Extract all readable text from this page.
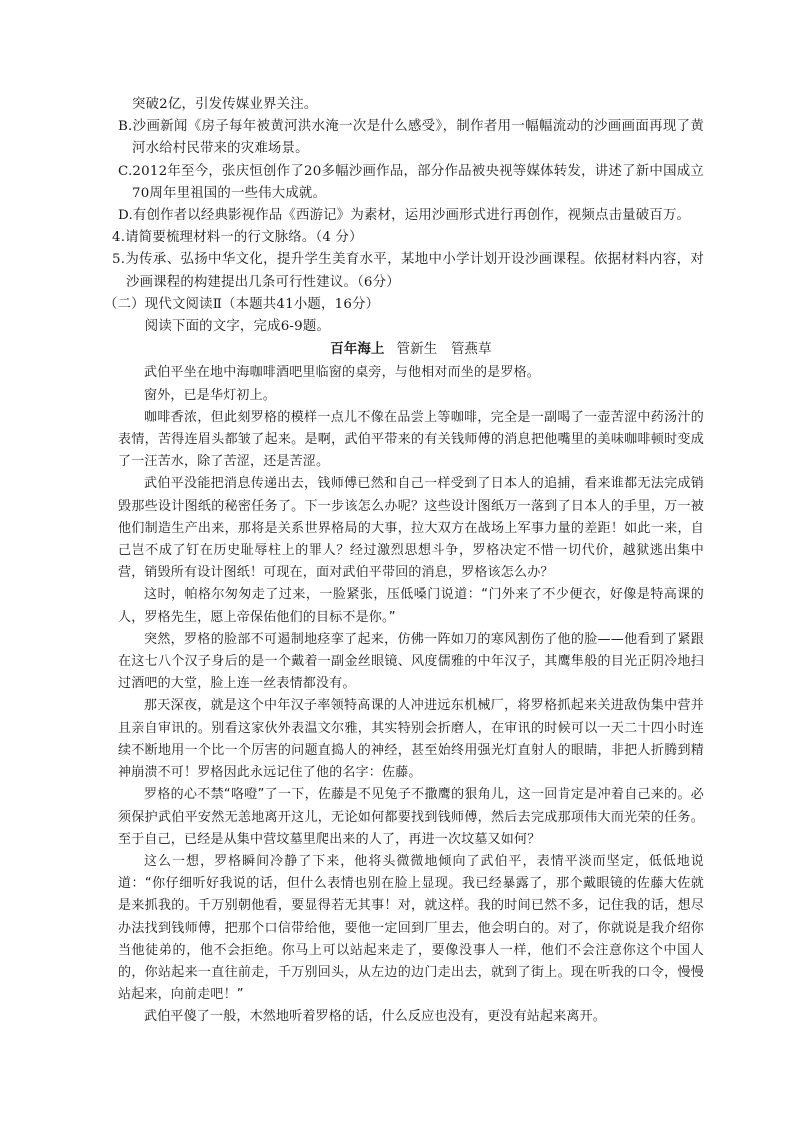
突破2亿，引发传媒业界关注。

B.沙画新闻《房子每年被黄河洪水淹一次是什么感受》，制作者用一幅幅流动的沙画画面再现了黄河水给村民带来的灾难场景。

C.2012年至今，张庆恒创作了20多幅沙画作品，部分作品被央视等媒体转发，讲述了新中国成立70周年里祖国的一些伟大成就。

D.有创作者以经典影视作品《西游记》为素材，运用沙画形式进行再创作，视频点击量破百万。

4.请简要梳理材料一的行文脉络。（4 分）

5.为传承、弘扬中华文化，提升学生美育水平，某地中小学计划开设沙画课程。依据材料内容，对沙画课程的构建提出几条可行性建议。（6分）

（二）现代文阅读Ⅱ（本题共41小题，16分）

阅读下面的文字，完成6-9题。

百年海上 管新生　管燕草

武伯平坐在地中海咖啡酒吧里临窗的桌旁，与他相对而坐的是罗格。

窗外，已是华灯初上。

咖啡香浓，但此刻罗格的模样一点儿不像在品尝上等咖啡，完全是一副喝了一壶苦涩中药汤汁的表情，苦得连眉头都皱了起来。是啊，武伯平带来的有关钱师傅的消息把他嘴里的美味咖啡顿时变成了一汪苦水，除了苦涩，还是苦涩。

武伯平没能把消息传递出去，钱师傅已然和自己一样受到了日本人的追捕，看来谁都无法完成销毁那些设计图纸的秘密任务了。下一步该怎么办呢？这些设计图纸万一落到了日本人的手里，万一被他们制造生产出来，那将是关系世界格局的大事，拉大双方在战场上军事力量的差距！如此一来，自己岂不成了钉在历史耻辱柱上的罪人？经过激烈思想斗争，罗格决定不惜一切代价，越狱逃出集中营，销毁所有设计图纸！可现在，面对武伯平带回的消息，罗格该怎么办？

这时，帕格尔匆匆走了过来，一脸紧张，压低嗓门说道：“门外来了不少便衣，好像是特高课的人，罗格先生，愿上帝保佑他们的目标不是你。”

突然，罗格的脸部不可遏制地痉挛了起来，仿佛一阵如刀的寒风割伤了他的脸——他看到了紧跟在这七八个汉子身后的是一个戴着一副金丝眼镜、风度儒雅的中年汉子，其鹰隼般的目光正阴冷地扫过酒吧的大堂，脸上连一丝表情都没有。

那天深夜，就是这个中年汉子率领特高课的人冲进远东机械厂，将罗格抓起来关进敌伪集中营并且亲自审讯的。别看这家伙外表温文尔雅，其实特别会折磨人，在审讯的时候可以一天二十四小时连续不断地用一个比一个厉害的问题直捣人的神经，甚至始终用强光灯直射人的眼睛，非把人折腾到精神崩溃不可！罗格因此永远记住了他的名字：佐藤。

罗格的心不禁“咯噔”了一下，佐藤是不见兔子不撒鹰的狠角儿，这一回肯定是冲着自己来的。必须保护武伯平安然无恙地离开这儿，无论如何都要找到钱师傅，然后去完成那项伟大而光荣的任务。至于自己，已经是从集中营坟墓里爬出来的人了，再进一次坟墓又如何？

这么一想，罗格瞬间冷静了下来，他将头微微地倾向了武伯平，表情平淡而坚定，低低地说道：“你仔细听好我说的话，但什么表情也别在脸上显现。我已经暴露了，那个戴眼镜的佐藤大佐就是来抓我的。千万别朝他看，要显得若无其事！对，就这样。我的时间已然不多，记住我的话，想尽办法找到钱师傅，把那个口信带给他，要他一定回到厂里去，他会明白的。对了，你就说是我介绍你当他徒弟的，他不会拒绝。你马上可以站起来走了，要像没事人一样，他们不会注意你这个中国人的，你站起来一直往前走，千万别回头，从左边的边门走出去，就到了街上。现在听我的口令，慢慢站起来，向前走吧！”

武伯平傻了一般，木然地听着罗格的话，什么反应也没有，更没有站起来离开。
